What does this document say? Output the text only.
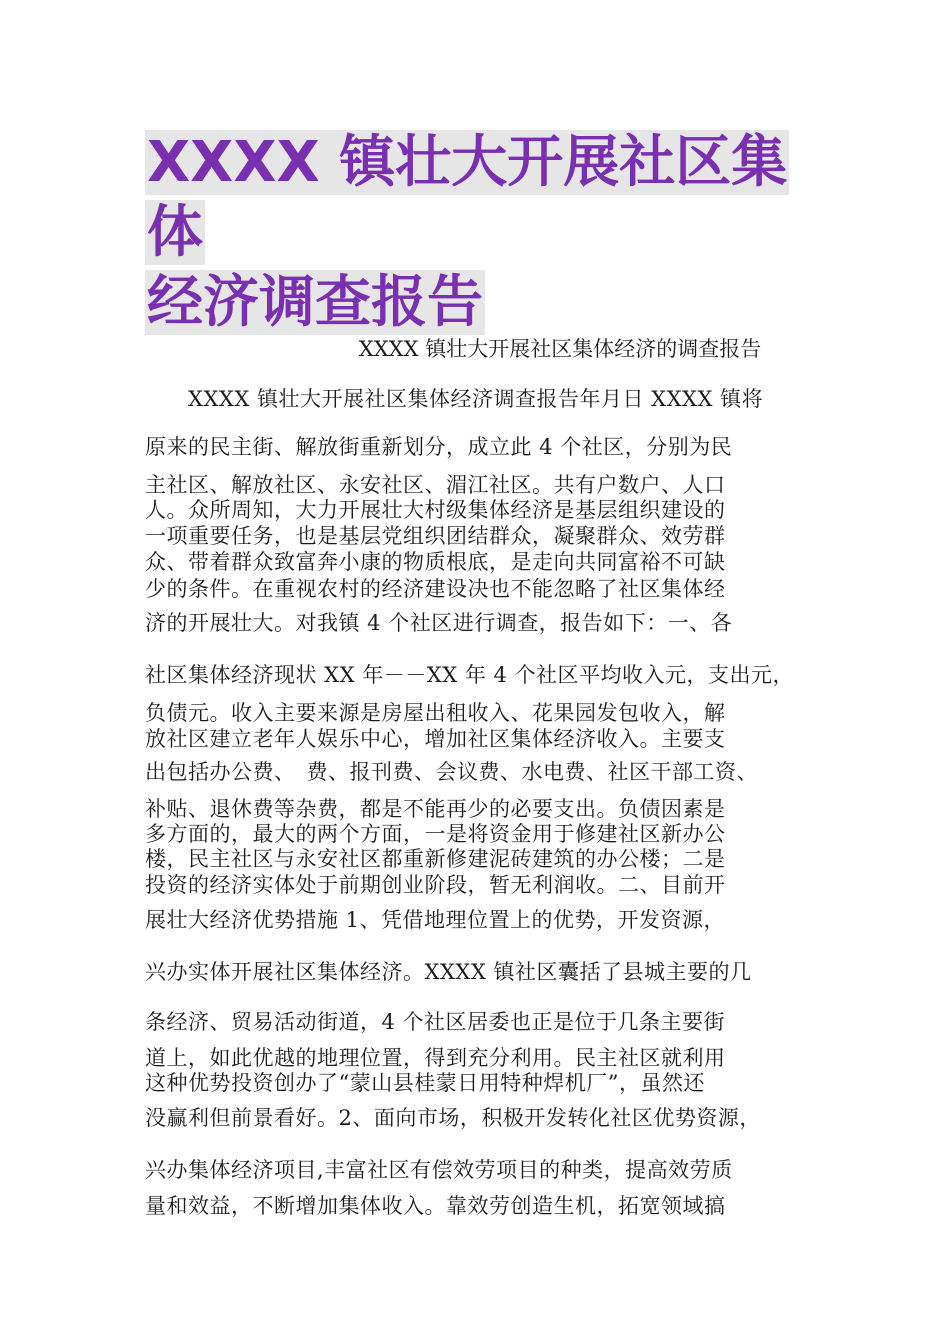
XXXX 镇壮大开展社区集体
经济调查报告

XXXX 镇壮大开展社区集体经济的调查报告

　　XXXX 镇壮大开展社区集体经济调查报告年月日 XXXX 镇将
原来的民主街、解放街重新划分，成立此 4 个社区，分别为民
主社区、解放社区、永安社区、湄江社区。共有户数户、人口
人。众所周知，大力开展壮大村级集体经济是基层组织建设的
一项重要任务，也是基层党组织团结群众，凝聚群众、效劳群
众、带着群众致富奔小康的物质根底，是走向共同富裕不可缺
少的条件。在重视农村的经济建设决也不能忽略了社区集体经
济的开展壮大。对我镇 4 个社区进行调查，报告如下：一、各
社区集体经济现状 XX 年－－XX 年 4 个社区平均收入元，支出元，
负债元。收入主要来源是房屋出租收入、花果园发包收入，解
放社区建立老年人娱乐中心，增加社区集体经济收入。主要支
出包括办公费、　费、报刊费、会议费、水电费、社区干部工资、
补贴、退休费等杂费，都是不能再少的必要支出。负债因素是
多方面的，最大的两个方面，一是将资金用于修建社区新办公
楼，民主社区与永安社区都重新修建泥砖建筑的办公楼；二是
投资的经济实体处于前期创业阶段，暂无利润收。二、目前开
展壮大经济优势措施 1、凭借地理位置上的优势，开发资源，
兴办实体开展社区集体经济。XXXX 镇社区囊括了县城主要的几
条经济、贸易活动街道，4 个社区居委也正是位于几条主要街
道上，如此优越的地理位置，得到充分利用。民主社区就利用
这种优势投资创办了“蒙山县桂蒙日用特种焊机厂”，虽然还
没赢利但前景看好。2、面向市场，积极开发转化社区优势资源，
兴办集体经济项目,丰富社区有偿效劳项目的种类，提高效劳质
量和效益，不断增加集体收入。靠效劳创造生机，拓宽领域搞
